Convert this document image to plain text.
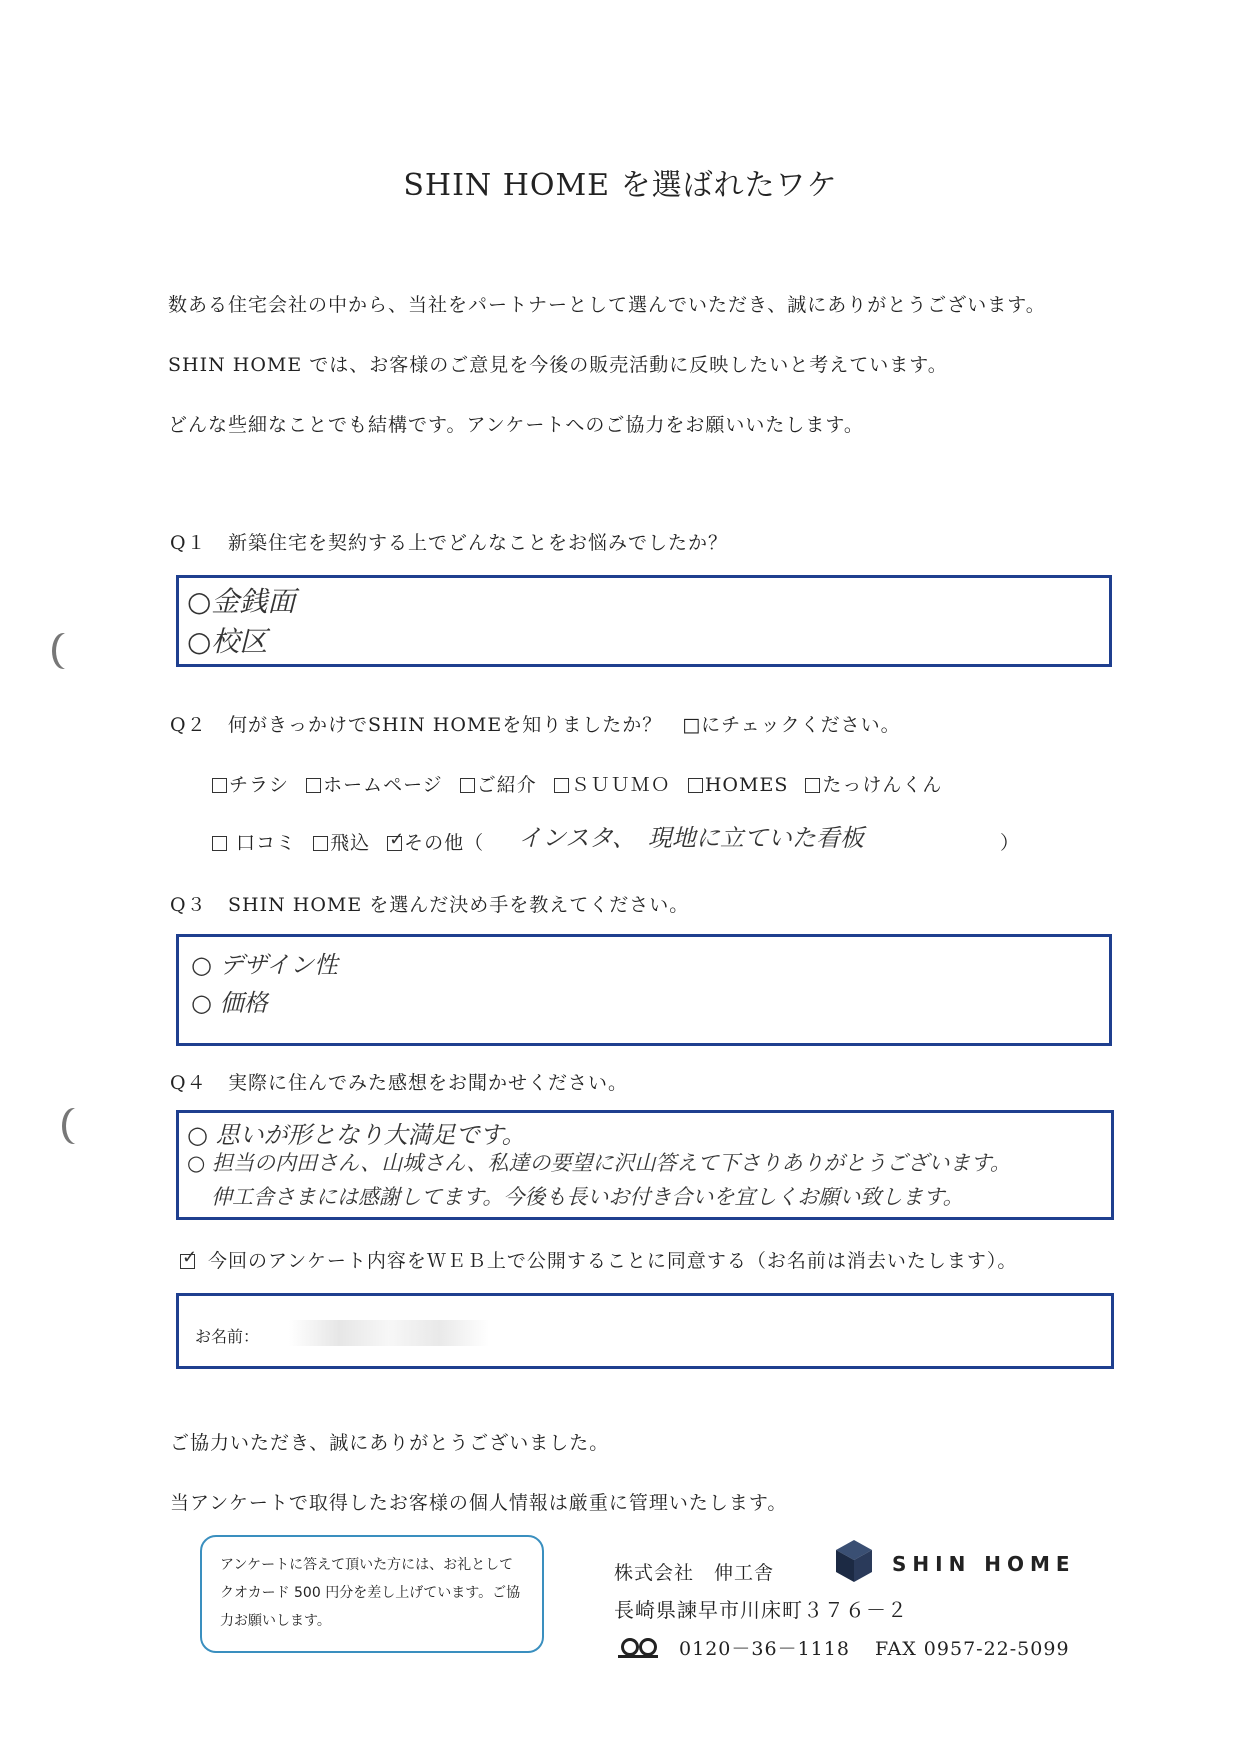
SHIN HOME を選ばれたワケ
数ある住宅会社の中から、当社をパートナーとして選んでいただき、誠にありがとうございます。
SHIN HOME では、お客様のご意見を今後の販売活動に反映したいと考えています。
どんな些細なことでも結構です。アンケートへのご協力をお願いいたします。
Q１ 新築住宅を契約する上でどんなことをお悩みでしたか？
○金銭面
○校区
Q２ 何がきっかけでSHIN HOMEを知りましたか？　□にチェックください。
チラシ ホームページ ご紹介 ＳＵＵＭＯ HOMES たっけんくん
口コミ 飛込 ✓ その他（ インスタ、　現地に立ていた看板	）
Q３ SHIN HOME を選んだ決め手を教えてください。
○ デザイン性
○ 価格
Q４ 実際に住んでみた感想をお聞かせください。
○ 思いが形となり大満足です。
○ 担当の内田さん、山城さん、私達の要望に沢山答えて下さりありがとうございます。
伸工舎さまには感謝してます。今後も長いお付き合いを宜しくお願い致します。
✓ 今回のアンケート内容をＷＥＢ上で公開することに同意する（お名前は消去いたします）。
お名前：
ご協力いただき、誠にありがとうございました。
当アンケートで取得したお客様の個人情報は厳重に管理いたします。
アンケートに答えて頂いた方には、お礼としてクオカード 500 円分を差し上げています。ご協力お願いします。
株式会社　伸工舎
長崎県諫早市川床町３７６－２
0120－36－1118 FAX 0957-22-5099
SHIN HOME
